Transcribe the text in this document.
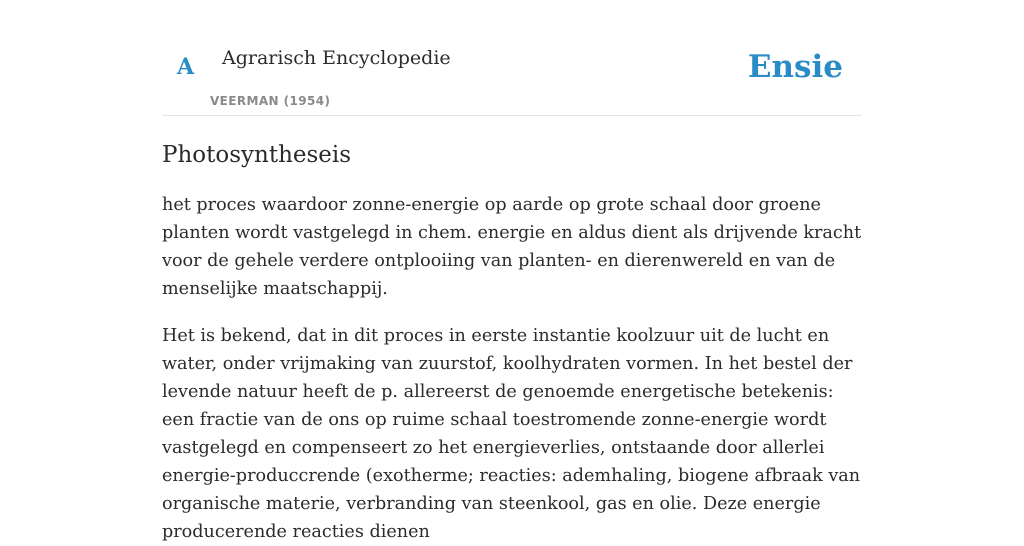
A Agrarisch Encyclopedie
VEERMAN (1954)
Ensie
Photosyntheseis

het proces waardoor zonne-energie op aarde op grote schaal door groene planten wordt vastgelegd in chem. energie en aldus dient als drijvende kracht voor de gehele verdere ontplooiing van planten- en dierenwereld en van de menselijke maatschappij.

Het is bekend, dat in dit proces in eerste instantie koolzuur uit de lucht en water, onder vrijmaking van zuurstof, koolhydraten vormen. In het bestel der levende natuur heeft de p. allereerst de genoemde energetische betekenis: een fractie van de ons op ruime schaal toestromende zonne-energie wordt vastgelegd en compenseert zo het energieverlies, ontstaande door allerlei energie-produccrende (exotherme; reacties: ademhaling, biogene afbraak van organische materie, verbranding van steenkool, gas en olie. Deze energie producerende reacties dienen
